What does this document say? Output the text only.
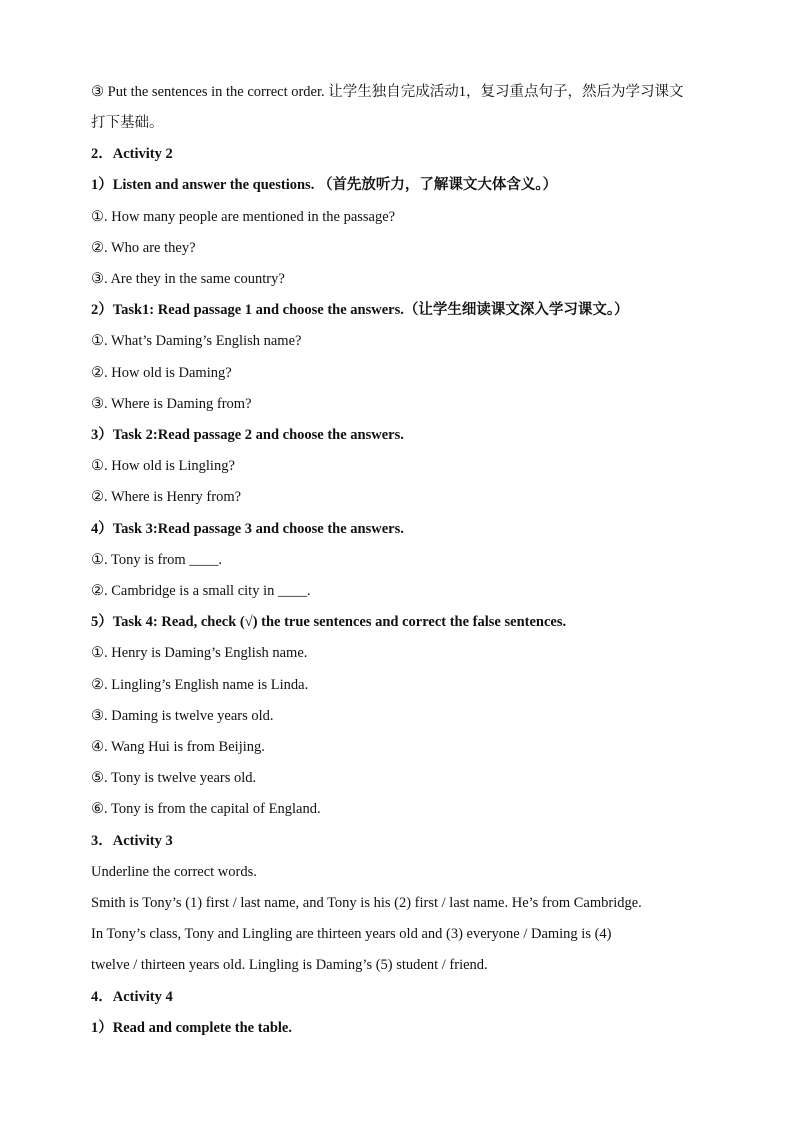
③ Put the sentences in the correct order. 让学生独自完成活动1，复习重点句子，然后为学习课文
打下基础。
2．Activity 2
1）Listen and answer the questions. （首先放听力，了解课文大体含义。）
①. How many people are mentioned in the passage?
②. Who are they?
③. Are they in the same country?
2）Task1: Read passage 1 and choose the answers.（让学生细读课文深入学习课文。）
①. What’s Daming’s English name?
②. How old is Daming?
③. Where is Daming from?
3）Task 2:Read passage 2 and choose the answers.
①. How old is Lingling?
②. Where is Henry from?
4）Task 3:Read passage 3 and choose the answers.
①. Tony is from ____.
②. Cambridge is a small city in ____.
5）Task 4: Read, check (√) the true sentences and correct the false sentences.
①. Henry is Daming’s English name.
②. Lingling’s English name is Linda.
③. Daming is twelve years old.
④. Wang Hui is from Beijing.
⑤. Tony is twelve years old.
⑥. Tony is from the capital of England.
3．Activity 3
Underline the correct words.
Smith is Tony’s (1) first / last name, and Tony is his (2) first / last name. He’s from Cambridge.
In Tony’s class, Tony and Lingling are thirteen years old and (3) everyone / Daming is (4)
twelve / thirteen years old. Lingling is Daming’s (5) student / friend.
4．Activity 4
1）Read and complete the table.
